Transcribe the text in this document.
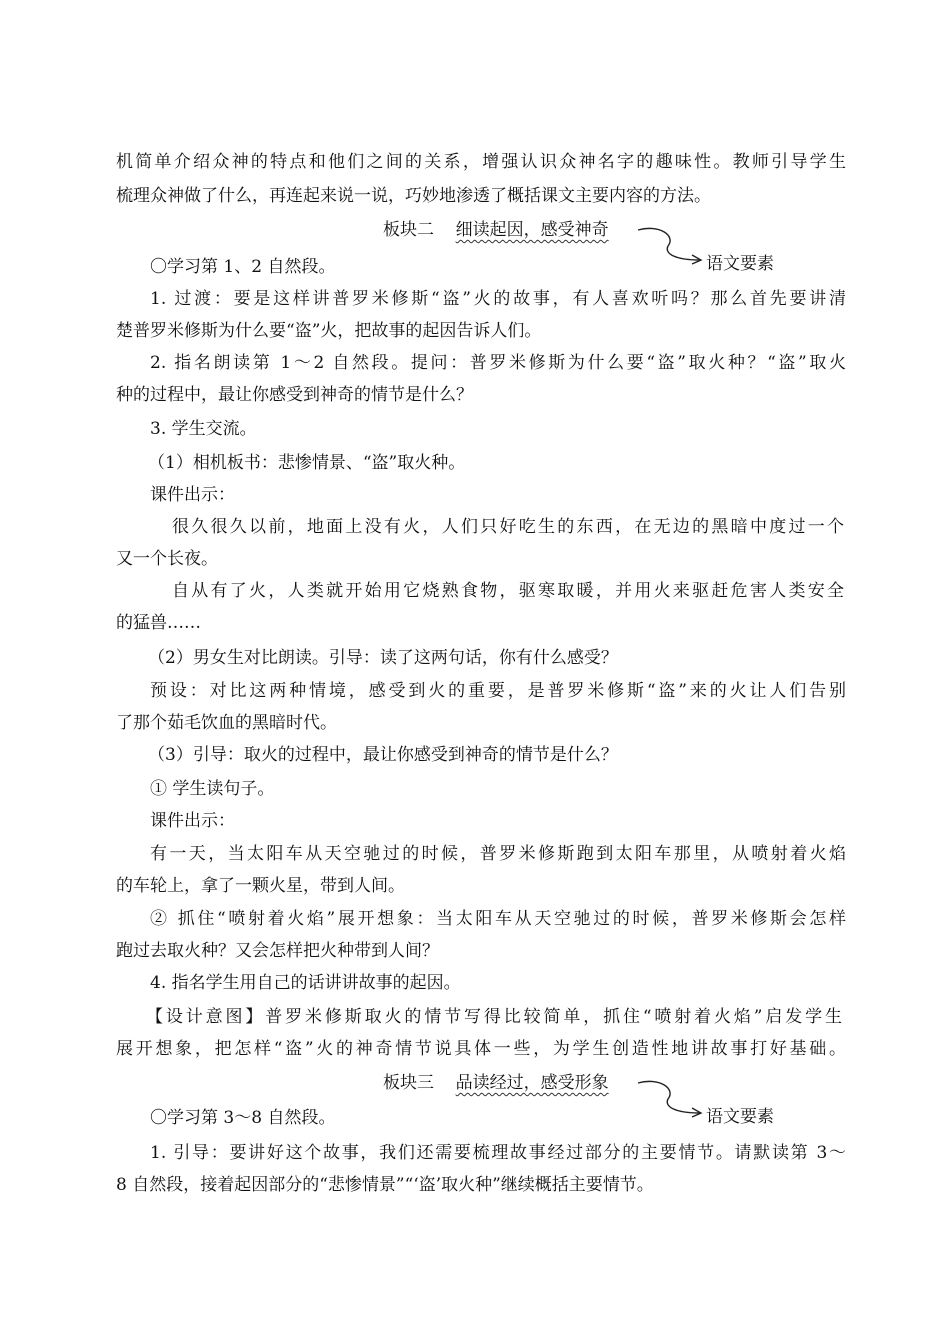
机简单介绍众神的特点和他们之间的关系，增强认识众神名字的趣味性。教师引导学生
梳理众神做了什么，再连起来说一说，巧妙地渗透了概括课文主要内容的方法。
板块二 细读起因，感受神奇
语文要素
〇学习第 1、2 自然段。
1. 过渡：要是这样讲普罗米修斯“盗”火的故事，有人喜欢听吗？那么首先要讲清
楚普罗米修斯为什么要“盗”火，把故事的起因告诉人们。
2. 指名朗读第 1～2 自然段。提问：普罗米修斯为什么要“盗”取火种？“盗”取火
种的过程中，最让你感受到神奇的情节是什么？
3. 学生交流。
（1）相机板书：悲惨情景、“盗”取火种。
课件出示：
很久很久以前，地面上没有火，人们只好吃生的东西，在无边的黑暗中度过一个
又一个长夜。
自从有了火，人类就开始用它烧熟食物，驱寒取暖，并用火来驱赶危害人类安全
的猛兽……
（2）男女生对比朗读。引导：读了这两句话，你有什么感受？
预设：对比这两种情境，感受到火的重要，是普罗米修斯“盗”来的火让人们告别
了那个茹毛饮血的黑暗时代。
（3）引导：取火的过程中，最让你感受到神奇的情节是什么？
① 学生读句子。
课件出示：
有一天，当太阳车从天空驰过的时候，普罗米修斯跑到太阳车那里，从喷射着火焰
的车轮上，拿了一颗火星，带到人间。
② 抓住“喷射着火焰”展开想象：当太阳车从天空驰过的时候，普罗米修斯会怎样
跑过去取火种？又会怎样把火种带到人间？
4. 指名学生用自己的话讲讲故事的起因。
【设计意图】普罗米修斯取火的情节写得比较简单，抓住“喷射着火焰”启发学生
展开想象，把怎样“盗”火的神奇情节说具体一些，为学生创造性地讲故事打好基础。
板块三 品读经过，感受形象
语文要素
〇学习第 3～8 自然段。
1. 引导：要讲好这个故事，我们还需要梳理故事经过部分的主要情节。请默读第 3～
8 自然段，接着起因部分的“悲惨情景”“‘盗’取火种”继续概括主要情节。
